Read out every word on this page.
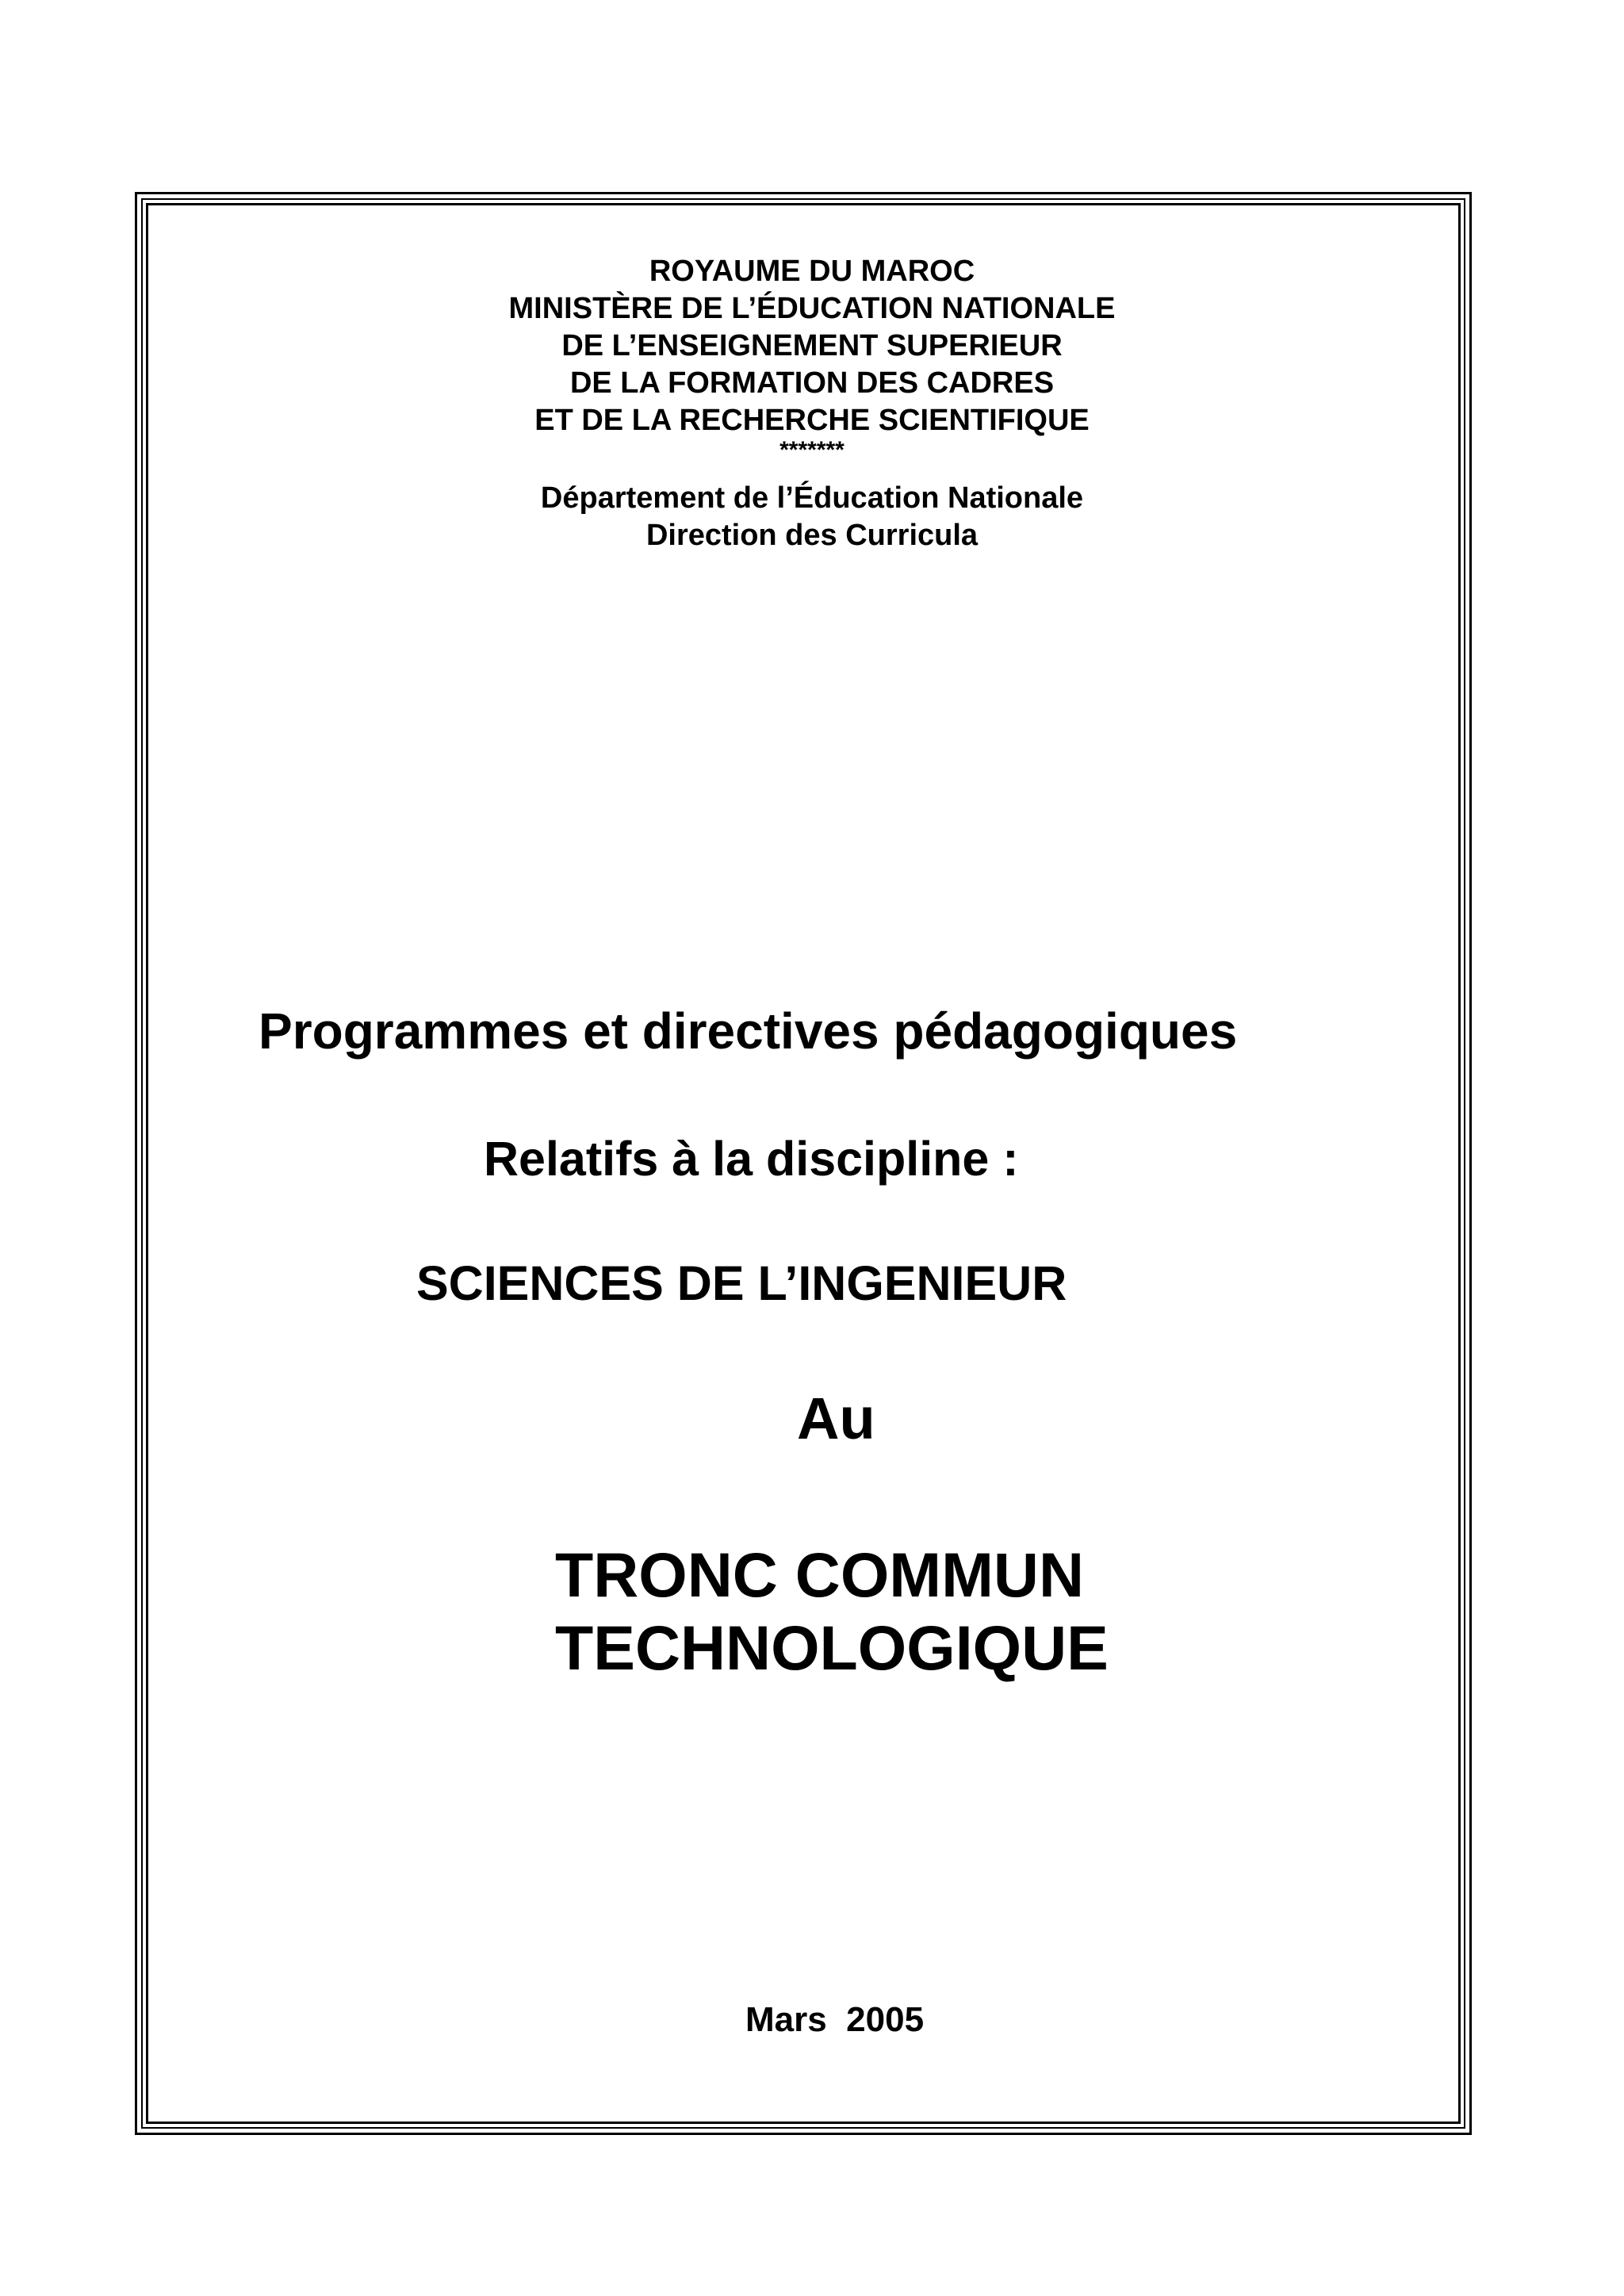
ROYAUME DU MAROC
MINISTÈRE DE L’ÉDUCATION NATIONALE
DE L’ENSEIGNEMENT SUPERIEUR
DE LA FORMATION DES CADRES
ET DE LA RECHERCHE SCIENTIFIQUE
*******
Département de l’Éducation Nationale
Direction des Curricula
Programmes et directives pédagogiques
Relatifs à la discipline :
SCIENCES DE L’INGENIEUR
Au
TRONC COMMUN
TECHNOLOGIQUE
Mars  2005
